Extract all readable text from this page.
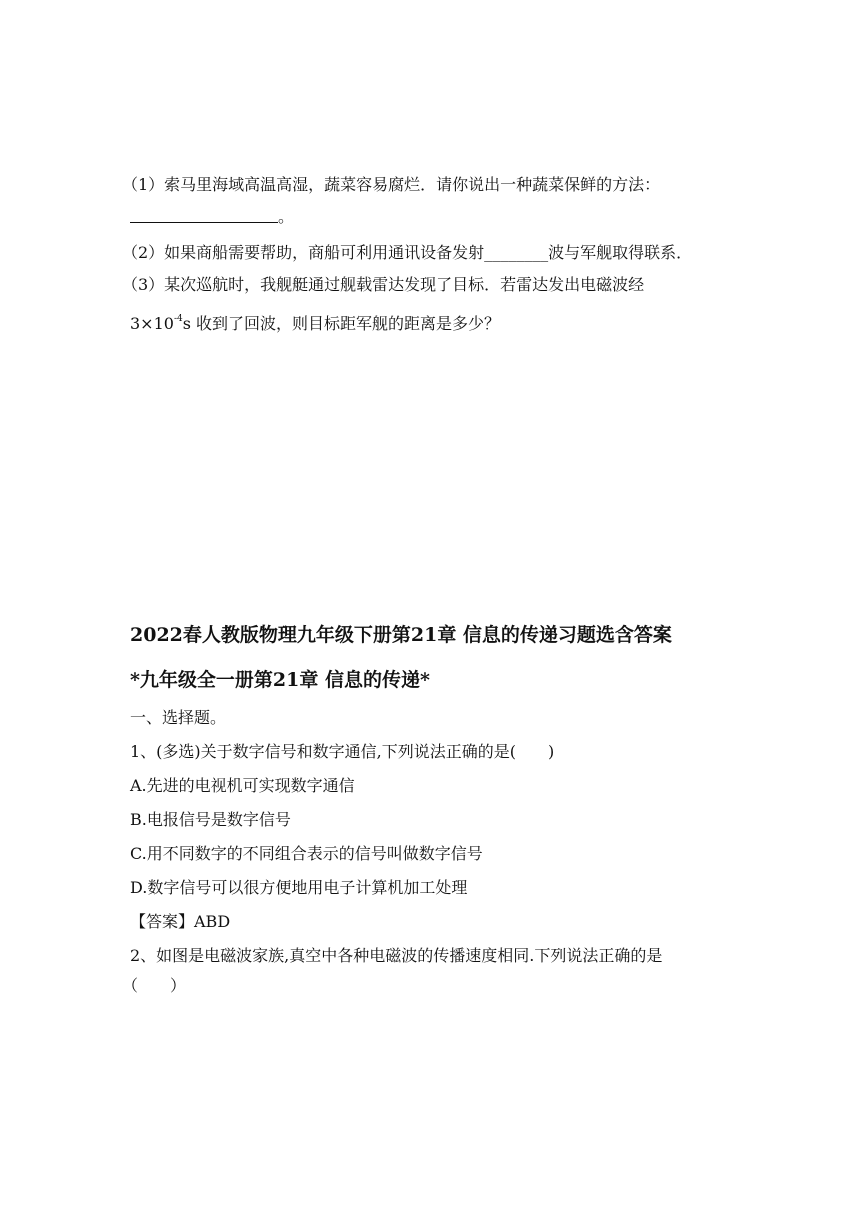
（1）索马里海域高温高湿，蔬菜容易腐烂．请你说出一种蔬菜保鲜的方法：
。
（2）如果商船需要帮助，商船可利用通讯设备发射________波与军舰取得联系．
（3）某次巡航时，我舰艇通过舰载雷达发现了目标．若雷达发出电磁波经
$3\times 10^{-4}s$ 收到了回波，则目标距军舰的距离是多少？
2022春人教版物理九年级下册第21章 信息的传递习题选含答案
*九年级全一册第21章 信息的传递*
一、选择题。
1、(多选)关于数字信号和数字通信,下列说法正确的是(　　)
A.先进的电视机可实现数字通信
B.电报信号是数字信号
C.用不同数字的不同组合表示的信号叫做数字信号
D.数字信号可以很方便地用电子计算机加工处理
【答案】ABD
2、如图是电磁波家族,真空中各种电磁波的传播速度相同.下列说法正确的是
（　　）
